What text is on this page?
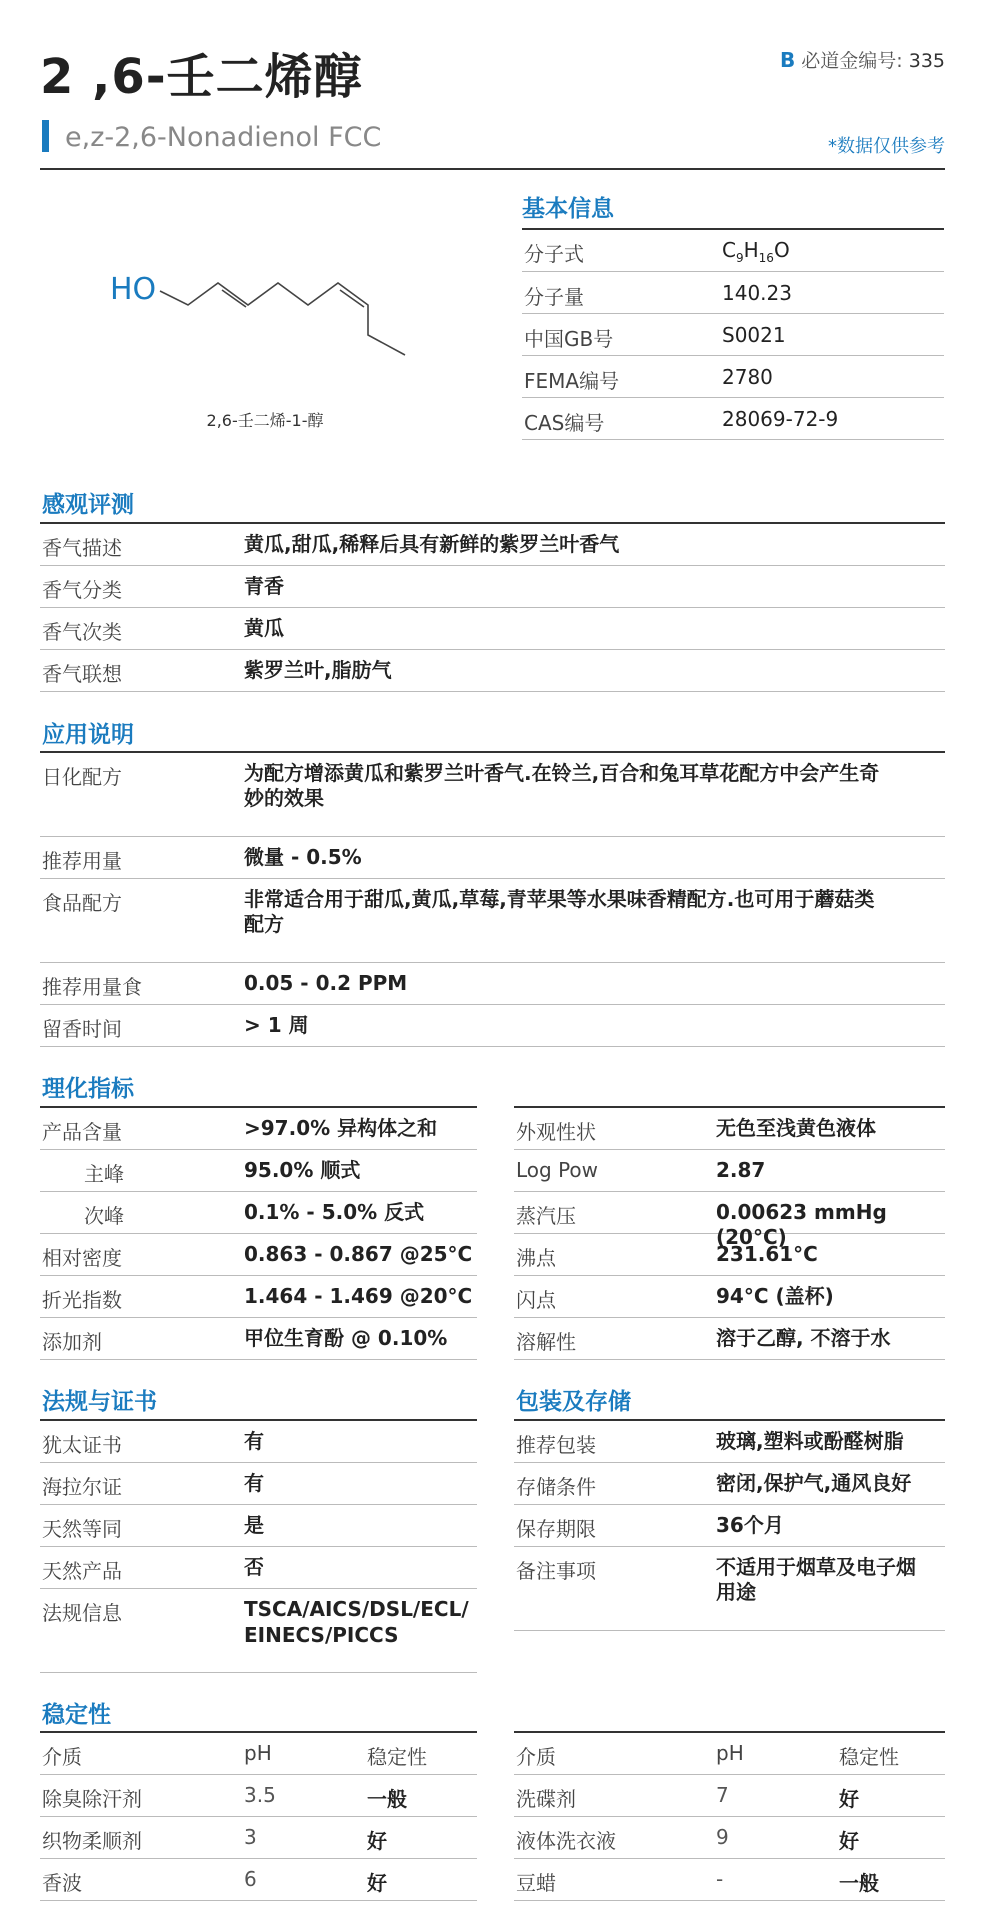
2 ,6-壬二烯醇	B 必道金编号: 335
e,z-2,6-Nonadienol FCC	*数据仅供参考
HO
2,6-壬二烯-1-醇
基本信息
分子式	$C_9H_{16}O$
分子量	140.23
中国GB号	S0021
FEMA编号	2780
CAS编号	28069-72-9
感观评测
香气描述	黄瓜,甜瓜,稀释后具有新鲜的紫罗兰叶香气
香气分类	青香
香气次类	黄瓜
香气联想	紫罗兰叶,脂肪气
应用说明
日化配方	为配方增添黄瓜和紫罗兰叶香气.在铃兰,百合和兔耳草花配方中会产生奇
妙的效果
推荐用量	微量 - 0.5%
食品配方	非常适合用于甜瓜,黄瓜,草莓,青苹果等水果味香精配方.也可用于蘑菇类
配方
推荐用量食	0.05 - 0.2 PPM
留香时间	> 1 周
理化指标
产品含量	>97.0% 异构体之和
主峰	95.0% 顺式
次峰	0.1% - 5.0% 反式
相对密度	0.863 - 0.867 @25°C
折光指数	1.464 - 1.469 @20°C
添加剂	甲位生育酚 @ 0.10%
外观性状	无色至浅黄色液体
Log Pow	2.87
蒸汽压	0.00623 mmHg (20°C)
沸点	231.61°C
闪点	94°C (盖杯)
溶解性	溶于乙醇, 不溶于水
法规与证书
犹太证书	有
海拉尔证	有
天然等同	是
天然产品	否
法规信息	TSCA/AICS/DSL/ECL/
EINECS/PICCS
包装及存储
推荐包装	玻璃,塑料或酚醛树脂
存储条件	密闭,保护气,通风良好
保存期限	36个月
备注事项	不适用于烟草及电子烟
用途
稳定性
介质	pH	稳定性
除臭除汗剂	3.5	一般
织物柔顺剂	3	好
香波	6	好
介质	pH	稳定性
洗碟剂	7	好
液体洗衣液	9	好
豆蜡	-	一般
